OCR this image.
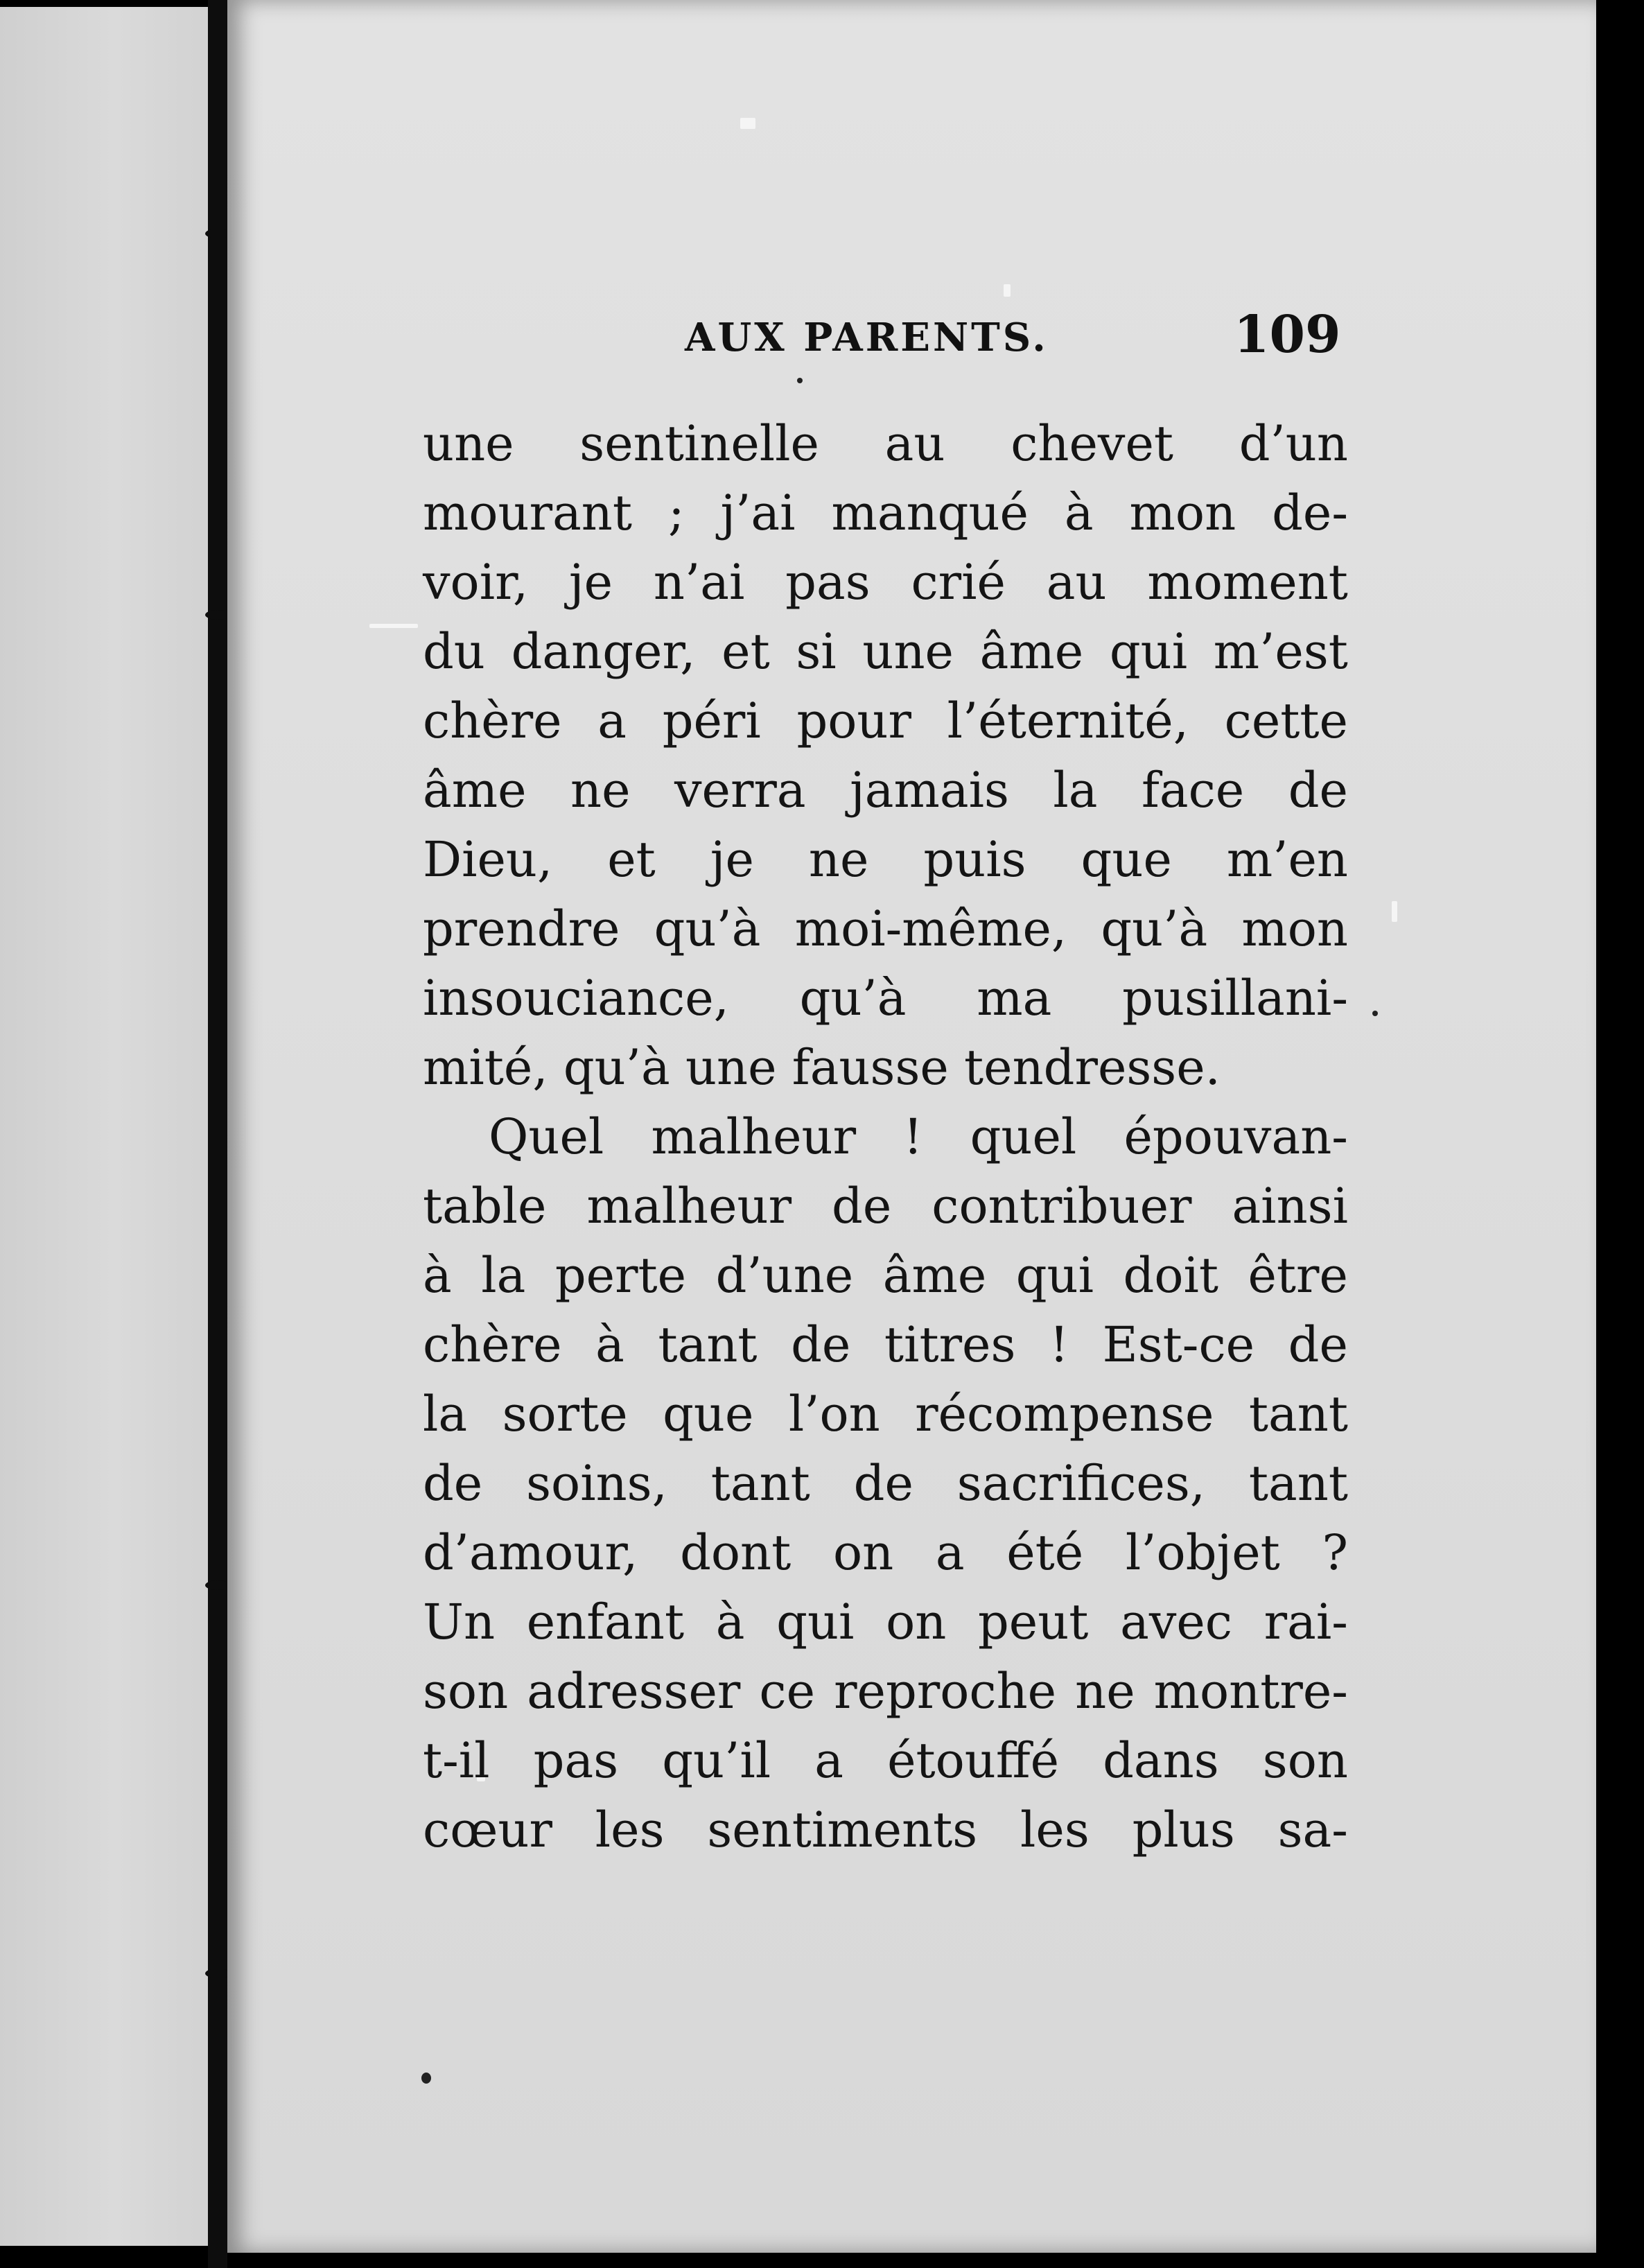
AUX PARENTS.	109
une sentinelle au chevet d’un
mourant ; j’ai manqué à mon de-
voir, je n’ai pas crié au moment
du danger, et si une âme qui m’est
chère a péri pour l’éternité, cette
âme ne verra jamais la face de
Dieu, et je ne puis que m’en
prendre qu’à moi-même, qu’à mon
insouciance, qu’à ma pusillani-
mité, qu’à une fausse tendresse.
Quel malheur ! quel épouvan-
table malheur de contribuer ainsi
à la perte d’une âme qui doit être
chère à tant de titres ! Est-ce de
la sorte que l’on récompense tant
de soins, tant de sacrifices, tant
d’amour, dont on a été l’objet ?
Un enfant à qui on peut avec rai-
son adresser ce reproche ne montre-
t-il pas qu’il a étouffé dans son
cœur les sentiments les plus sa-
